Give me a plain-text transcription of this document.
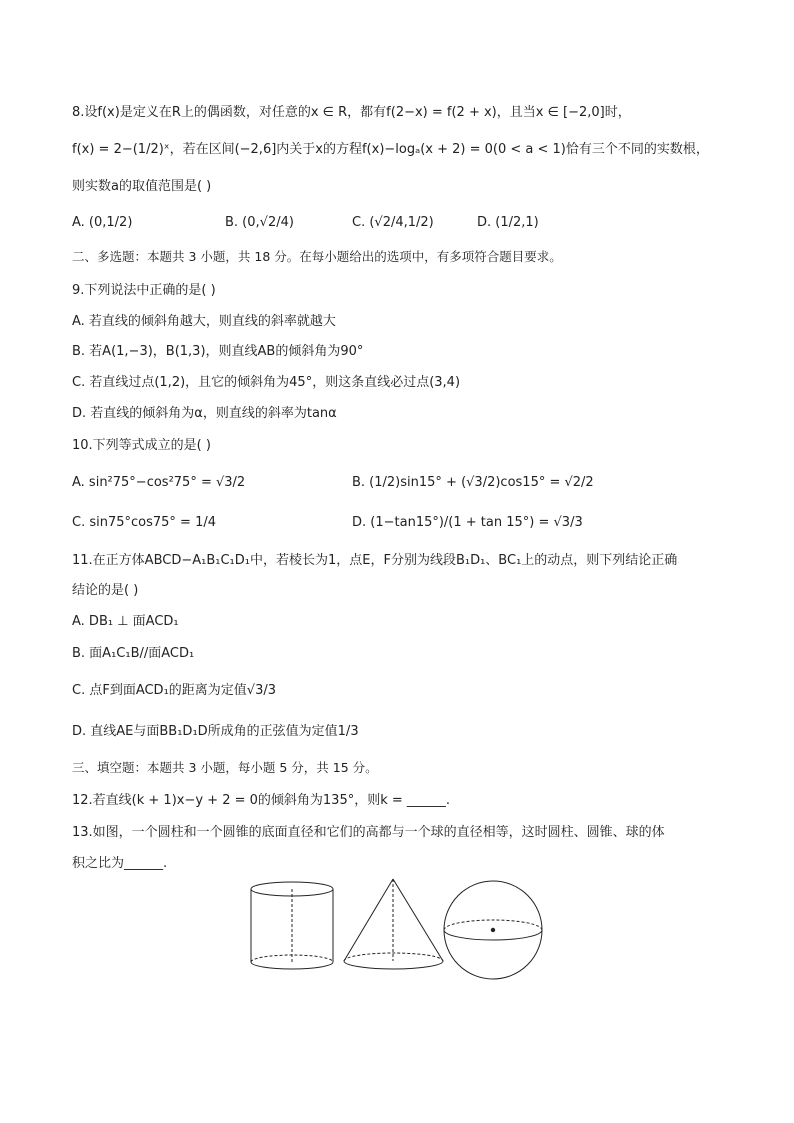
8.设f(x)是定义在R上的偶函数，对任意的x ∈ R，都有f(2−x) = f(2 + x)，且当x ∈ [−2,0]时，
f(x) = 2−(1/2)ˣ，若在区间(−2,6]内关于x的方程f(x)−logₐ(x + 2) = 0(0 < a < 1)恰有三个不同的实数根，
则实数a的取值范围是( )
A. (0,1/2)	B. (0,√2/4)	C. (√2/4,1/2)	D. (1/2,1)
二、多选题：本题共 3 小题，共 18 分。在每小题给出的选项中，有多项符合题目要求。
9.下列说法中正确的是( )
A. 若直线的倾斜角越大，则直线的斜率就越大
B. 若A(1,−3)，B(1,3)，则直线AB的倾斜角为90°
C. 若直线过点(1,2)，且它的倾斜角为45°，则这条直线必过点(3,4)
D. 若直线的倾斜角为α，则直线的斜率为tanα
10.下列等式成立的是( )
A. sin²75°−cos²75° = √3/2	B. (1/2)sin15° + (√3/2)cos15° = √2/2
C. sin75°cos75° = 1/4	D. (1−tan15°)/(1 + tan 15°) = √3/3
11.在正方体ABCD−A₁B₁C₁D₁中，若棱长为1，点E，F分别为线段B₁D₁、BC₁上的动点，则下列结论正确
结论的是( )
A. DB₁ ⊥ 面ACD₁
B. 面A₁C₁B//面ACD₁
C. 点F到面ACD₁的距离为定值√3/3
D. 直线AE与面BB₁D₁D所成角的正弦值为定值1/3
三、填空题：本题共 3 小题，每小题 5 分，共 15 分。
12.若直线(k + 1)x−y + 2 = 0的倾斜角为135°，则k = ______.
13.如图，一个圆柱和一个圆锥的底面直径和它们的高都与一个球的直径相等，这时圆柱、圆锥、球的体
积之比为______.
